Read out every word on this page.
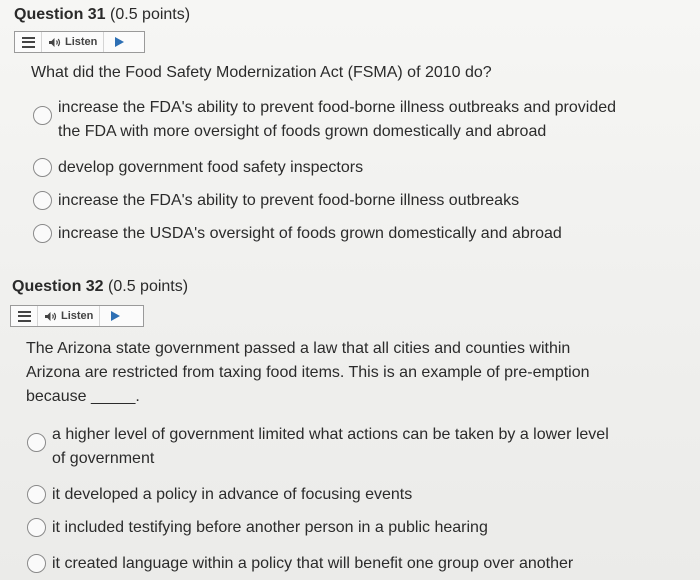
Question 31 (0.5 points)
Listen
What did the Food Safety Modernization Act (FSMA) of 2010 do?
increase the FDA's ability to prevent food-borne illness outbreaks and provided
the FDA with more oversight of foods grown domestically and abroad
develop government food safety inspectors
increase the FDA's ability to prevent food-borne illness outbreaks
increase the USDA's oversight of foods grown domestically and abroad
Question 32 (0.5 points)
Listen
The Arizona state government passed a law that all cities and counties within
Arizona are restricted from taxing food items. This is an example of pre-emption
because _____.
a higher level of government limited what actions can be taken by a lower level
of government
it developed a policy in advance of focusing events
it included testifying before another person in a public hearing
it created language within a policy that will benefit one group over another
